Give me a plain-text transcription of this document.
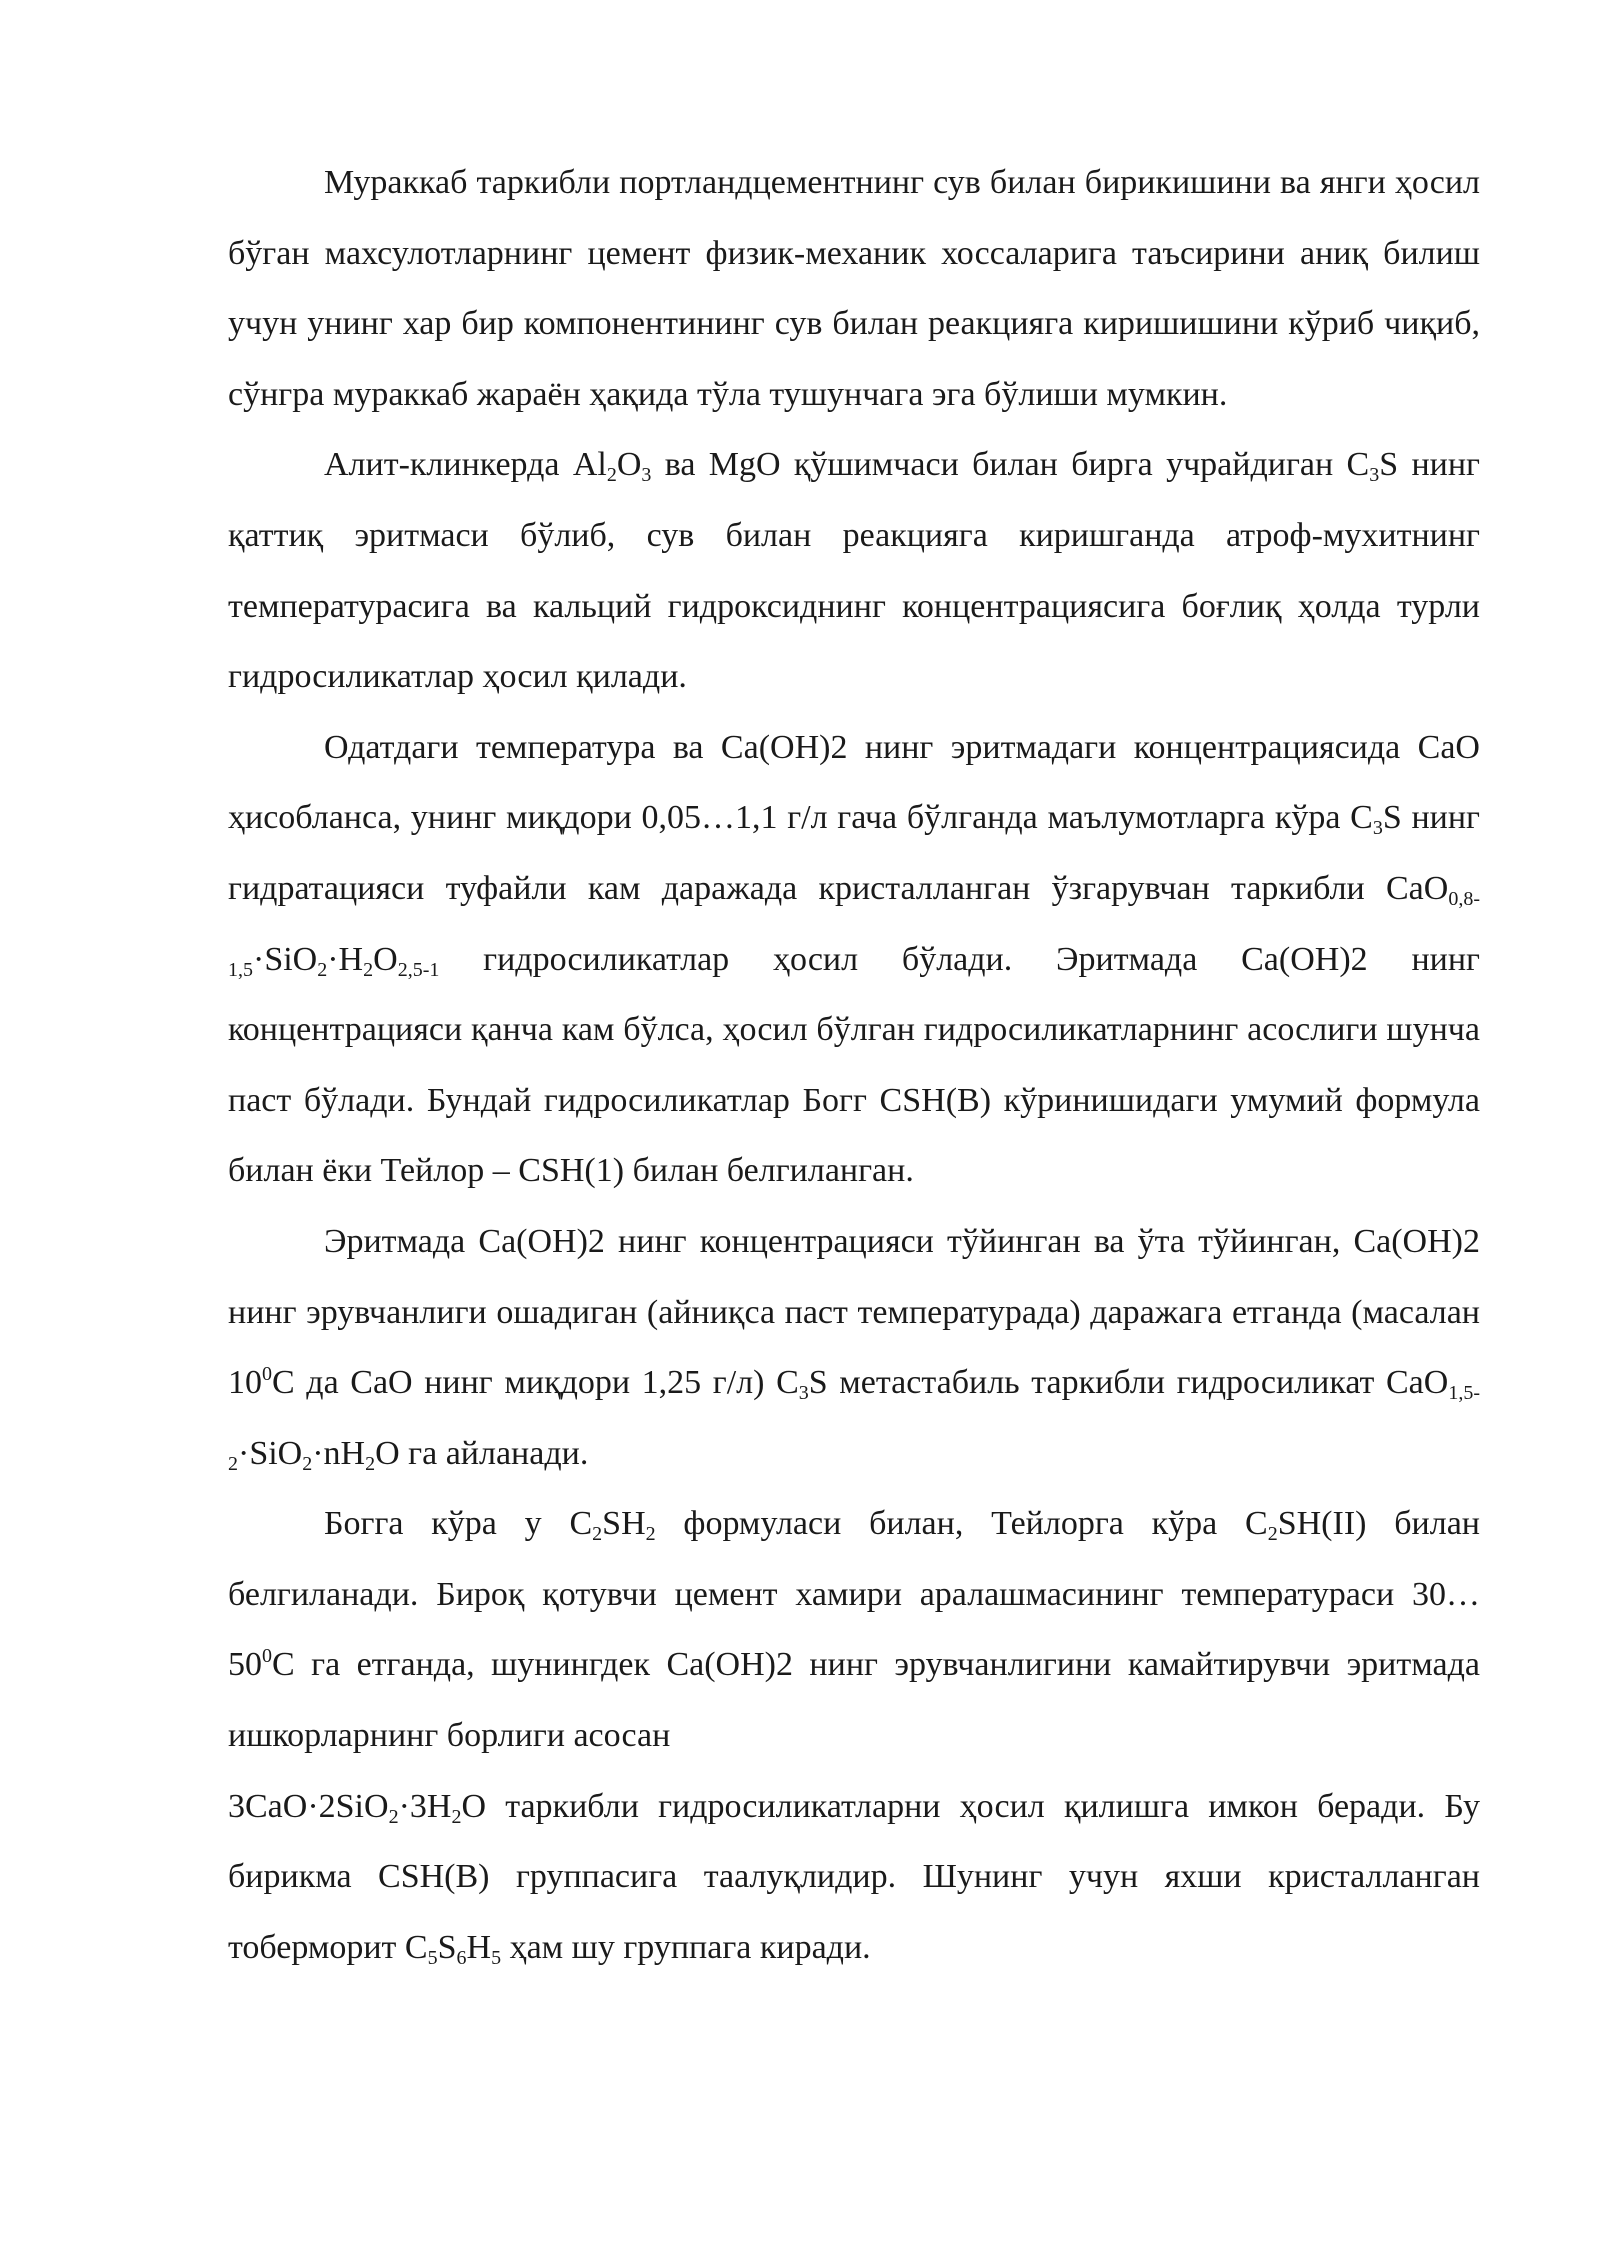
Мураккаб таркибли портландцементнинг сув билан бирикишини ва янги ҳосил бўган махсулотларнинг цемент физик-механик хоссаларига таъсирини аниқ билиш учун унинг хар бир компонентининг сув билан реакцияга киришишини кўриб чиқиб, сўнгра мураккаб жараён ҳақида тўла тушунчага эга бўлиши мумкин.

Алит-клинкерда $Al_2O_3$ ва MgO қўшимчаси билан бирга учрайдиган $C_3S$ нинг қаттиқ эритмаси бўлиб, сув билан реакцияга киришганда атроф-мухитнинг температурасига ва кальций гидроксиднинг концентрациясига боғлиқ ҳолда турли гидросиликатлар ҳосил қилади.

Одатдаги температура ва Ca(OH)2 нинг эритмадаги концентрациясида CaO ҳисобланса, унинг миқдори 0,05…1,1 г/л гача бўлганда маълумотларга кўра $C_3S$ нинг гидратацияси туфайли кам даражада кристалланган ўзгарувчан таркибли $CaO_{0,8-1,5}\cdot SiO_2\cdot H_2O_{2,5-1}$ гидросиликатлар ҳосил бўлади. Эритмада Ca(OH)2 нинг концентрацияси қанча кам бўлса, ҳосил бўлган гидросиликатларнинг асослиги шунча паст бўлади. Бундай гидросиликатлар Богг CSH(B) кўринишидаги умумий формула билан ёки Тейлор – CSH(1) билан белгиланган.

Эритмада Ca(OH)2 нинг концентрацияси тўйинган ва ўта тўйинган, Ca(OH)2 нинг эрувчанлиги ошадиган (айниқса паст температурада) даражага етганда (масалан $10^0C$ да CaO нинг миқдори 1,25 г/л) $C_3S$ метастабиль таркибли гидросиликат $CaO_{1,5-2}\cdot SiO_2\cdot nH_2O$ га айланади.

Богга кўра у $C_2SH_2$ формуласи билан, Тейлорга кўра $C_2SH(II)$ билан белгиланади. Бироқ қотувчи цемент хамири аралашмасининг температураси $30\dots 50^0C$ га етганда, шунингдек Ca(OH)2 нинг эрувчанлигини камайтирувчи эритмада ишкорларнинг борлиги асосан

$3CaO\cdot 2SiO_2\cdot 3H_2O$ таркибли гидросиликатларни ҳосил қилишга имкон беради. Бу бирикма CSH(B) группасига таалуқлидир. Шунинг учун яхши кристалланган тоберморит $C_5S_6H_5$ ҳам шу группага киради.
